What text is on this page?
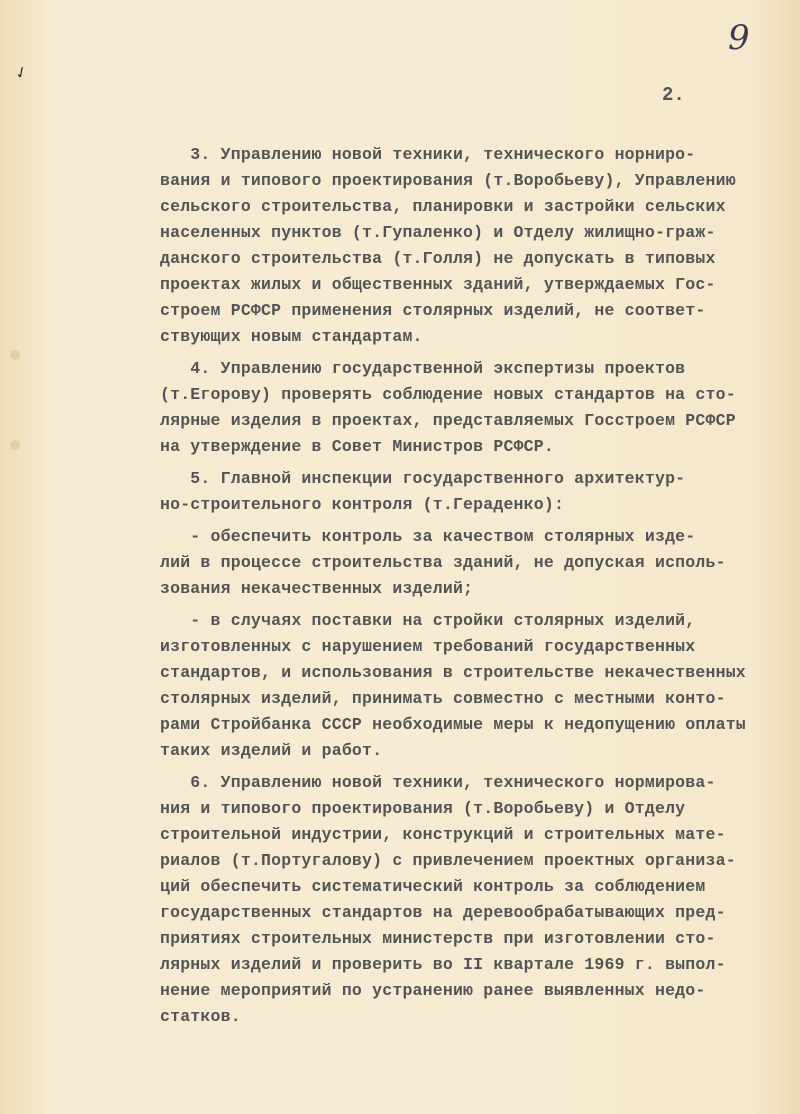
✓
9
2.
3. Управлению новой техники, технического норниро-
вания и типового проектирования (т.Воробьеву), Управлению
сельского строительства, планировки и застройки сельских
населенных пунктов (т.Гупаленко) и Отделу жилищно-граж-
данского строительства (т.Голля) не допускать в типовых
проектах жилых и общественных зданий, утверждаемых Гос-
строем РСФСР применения столярных изделий, не соответ-
ствующих новым стандартам.
4. Управлению государственной экспертизы проектов
(т.Егорову) проверять соблюдение новых стандартов на сто-
лярные изделия в проектах, представляемых Госстроем РСФСР
на утверждение в Совет Министров РСФСР.
5. Главной инспекции государственного архитектур-
но-строительного контроля (т.Гераденко):
- обеспечить контроль за качеством столярных изде-
лий в процессе строительства зданий, не допуская исполь-
зования некачественных изделий;
- в случаях поставки на стройки столярных изделий,
изготовленных с нарушением требований государственных
стандартов, и использования в строительстве некачественных
столярных изделий, принимать совместно с местными конто-
рами Стройбанка СССР необходимые меры к недопущению оплаты
таких изделий и работ.
6. Управлению новой техники, технического нормирова-
ния и типового проектирования (т.Воробьеву) и Отделу
строительной индустрии, конструкций и строительных мате-
риалов (т.Португалову) с привлечением проектных организа-
ций обеспечить систематический контроль за соблюдением
государственных стандартов на деревообрабатывающих пред-
приятиях строительных министерств при изготовлении сто-
лярных изделий и проверить во II квартале 1969 г. выпол-
нение мероприятий по устранению ранее выявленных недо-
статков.
